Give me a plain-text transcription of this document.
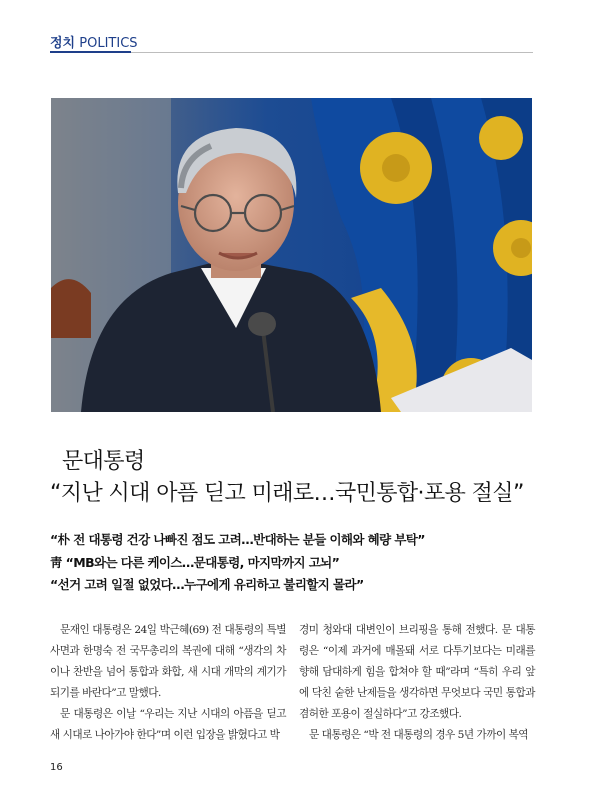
정치 POLITICS
문대통령
“지난 시대 아픔 딛고 미래로…국민통합·포용 절실”
“朴 전 대통령 건강 나빠진 점도 고려…반대하는 분들 이해와 혜량 부탁”
靑 “MB와는 다른 케이스…문대통령, 마지막까지 고뇌”
“선거 고려 일절 없었다…누구에게 유리하고 불리할지 몰라”

문재인 대통령은 24일 박근혜(69) 전 대통령의 특별사면과 한명숙 전 국무총리의 복권에 대해 “생각의 차이나 찬반을 넘어 통합과 화합, 새 시대 개막의 계기가 되기를 바란다”고 말했다.

문 대통령은 이날 “우리는 지난 시대의 아픔을 딛고 새 시대로 나아가야 한다”며 이런 입장을 밝혔다고 박

경미 청와대 대변인이 브리핑을 통해 전했다. 문 대통령은 “이제 과거에 매몰돼 서로 다투기보다는 미래를 향해 담대하게 힘을 합쳐야 할 때”라며 “특히 우리 앞에 닥친 숱한 난제들을 생각하면 무엇보다 국민 통합과 겸허한 포용이 절실하다”고 강조했다.

문 대통령은 “박 전 대통령의 경우 5년 가까이 복역

16
